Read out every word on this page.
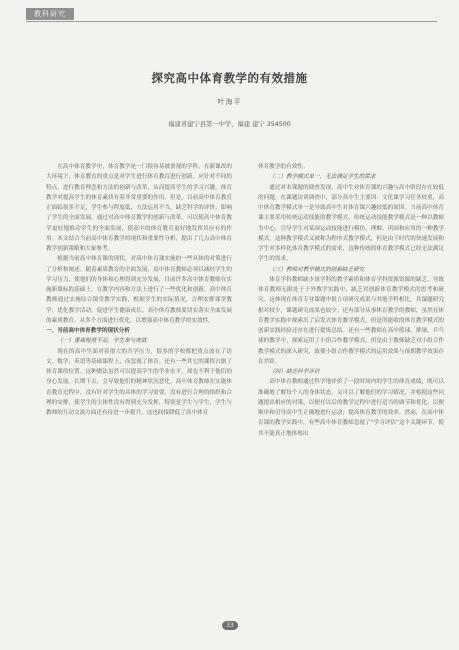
教科研究
探究高中体育教学的有效措施
叶海平
福建省建宁县第一中学，福建 建宁 354500

在高中体育教学中，体育教学是一门很容易被重视的学科。在新课改的大环境下，体育教育的重点是对学生进行体育教育进行创新，应针对不同的特点，进行教育理念和方法的创新与改革，从而提高学生的学习兴趣。体育教学对提高学生的体育素质有着非常重要的作用。但是，目前高中体育教育正面临很多不足，学生参与程度低，方法运用不当，缺乏科学的评价，影响了学生的全面发展。通过对高中体育教学的创新与改革，可以使高中体育教学更好地推动学生的全面发展，使高中的体育教育更好地发挥其应有的作用。本文结合当前高中体育教学的现状和重要性分析，提出了几点高中体育教学创新策略和大家参考。

根据当前高中体育课的现状，对高中体育课实施的一些具体的对策进行了分析和阐述。随着素质教育的全面发展，高中体育教师必须以减轻学生的学习压力，使他们的身体和心理得到充分发展，目前许多高中体育教师在实施新课标的基础上，在教学内容和方法上进行了一些优化和创新，高中体育教师通过实施综合课堂教学实践，根据学生的实际情况，合理安排课堂教学，优化教学活动，促进学生健康成长。高中体育教师要切实落实全面发展的素质教育，从多个方面进行优化，以增强高中体育教学的实效性。

一、当前高中体育教学的现状分析
（一）重视程度不足，学生参与度低

现在的高中生面对着很大的升学压力，很多的学校都把重点放在了语文、数学、英语等基础课程上，而忽视了体育。还有一些其它的课程占据了体育课的位置。这种做法虽然可以提高学生的学业水平，却也不利于他们的身心发展。长期下去，会导致他们的精神状况恶化。高中体育教师在实施体育教育过程中，没有针对学生的具体的学习需要，没有进行合理的组织和合理的安排，使学生的主体性没有得到充分发挥，特别是学生与学生，学生与教师的互动交流方面还有待进一步提升，这也间接降低了高中体育

体育教学的有效性。

（二）教学模式单一，无法满足学生的需求

通过对本课题的调查发现，高中生对体育课的兴趣与高中阶段存在较低的问题，在课题访谈调查中，部分高中生主要因：文化课学习任务较重，高中体育教学模式单一是导致高中生对体育课兴趣较低的原因。当前高中体育课主要采用传统运动技能的教学模式，传统运动技能教学模式是一种以教师为中心，引导学生对某项运动技能进行模仿、理解、巩固和应用的一种教学模式。这种教学模式又被称为程序式教学模式，但是由于时代的快速发展和学生对多样化体育教学模式的需求，这种传统的体育教学模式已经无法满足学生的需求。

（三）教师对教学模式的创新缺乏研究

体育学科教师缺少该学科的教学素质和体育学科资源资源的缺乏，导致体育教师无限处于于外教学实践中，缺乏对创新体育教学模式的思考和研究。这体现在体育专业课题申报立项研究成果与其他学科相比，其课题研究相对较少，课题研究成果也较少。还有部分从事体育教学的教师，虽然在体育教学实践中探索出了启发式体育教学模式，但是所能收的体育教学模式的创新实践经验还存在进行提炼总结。还有一些教师在高中篮球、排球、乒乓球的教学中，探索运用了小组合作教学模式，但是由于教师缺乏对小组合作教学模式的深入研究，致使小组合作教学模式的运用效果与预期教学效果存在差距。

（四）缺乏科学评价

高中体育教师通过科学地评价了一段时间内的学生的体育成绩，既可以准确地了解每个人的身体状态，又可以了解他们的学习情况，并根据这些问题提出相应的对策，以便在以后的教学过程中进行适当的调节和优化，以便顺序和引导高中生正确地进行运动，提高体育教学的效率。然而，在高中体育课的教学实践中，有些高中体育教师忽视了“学习评估”这个关键环节，使其不能真正地体现出

33
